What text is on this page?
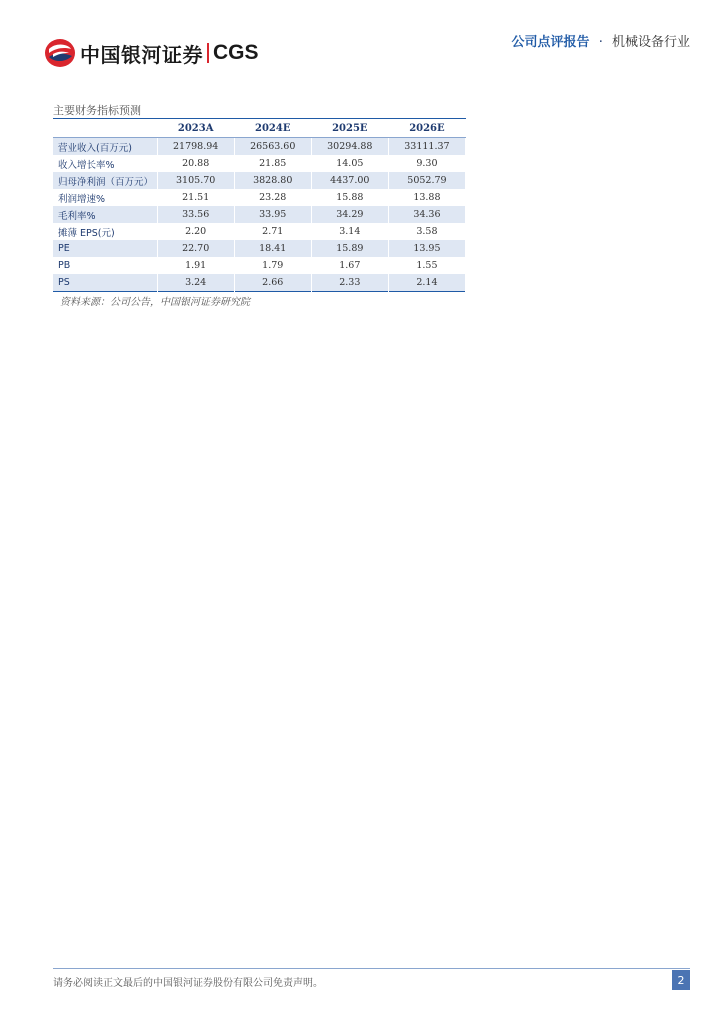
中国银河证券 CGS	公司点评报告 · 机械设备行业
主要财务指标预测
	2023A	2024E	2025E	2026E
营业收入(百万元)	21798.94	26563.60	30294.88	33111.37
收入增长率%	20.88	21.85	14.05	9.30
归母净利润（百万元）	3105.70	3828.80	4437.00	5052.79
利润增速%	21.51	23.28	15.88	13.88
毛利率%	33.56	33.95	34.29	34.36
摊薄 EPS(元)	2.20	2.71	3.14	3.58
PE	22.70	18.41	15.89	13.95
PB	1.91	1.79	1.67	1.55
PS	3.24	2.66	2.33	2.14
资料来源：公司公告，中国银河证券研究院
请务必阅读正文最后的中国银河证券股份有限公司免责声明。	2
